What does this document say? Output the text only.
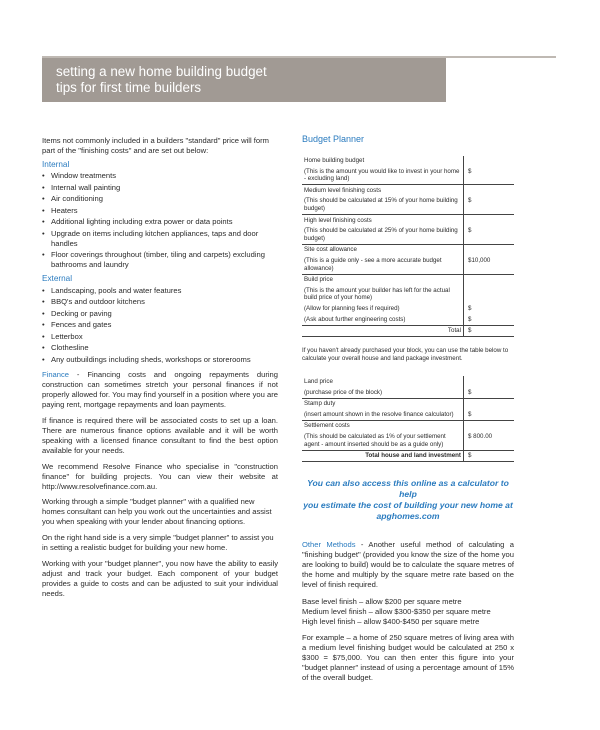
setting a new home building budget
tips for first time builders

Items not commonly included in a builders "standard" price will form part of the "finishing costs" and are set out below:

Internal
• Window treatments
• Internal wall painting
• Air conditioning
• Heaters
• Additional lighting including extra power or data points
• Upgrade on items including kitchen appliances, taps and door handles
• Floor coverings throughout (timber, tiling and carpets) excluding bathrooms and laundry
External
• Landscaping, pools and water features
• BBQ's and outdoor kitchens
• Decking or paving
• Fences and gates
• Letterbox
• Clothesline
• Any outbuildings including sheds, workshops or storerooms

Finance - Financing costs and ongoing repayments during construction can sometimes stretch your personal finances if not properly allowed for. You may find yourself in a position where you are paying rent, mortgage repayments and loan payments.

If finance is required there will be associated costs to set up a loan. There are numerous finance options available and it will be worth speaking with a licensed finance consultant to find the best option available for your needs.

We recommend Resolve Finance who specialise in "construction finance" for building projects. You can view their website at http://www.resolvefinance.com.au.

Working through a simple "budget planner" with a qualified new homes consultant can help you work out the uncertainties and assist you when speaking with your lender about financing options.

On the right hand side is a very simple "budget planner" to assist you in setting a realistic budget for building your new home.

Working with your "budget planner", you now have the ability to easily adjust and track your budget. Each component of your budget provides a guide to costs and can be adjusted to suit your individual needs.

Budget Planner
Home building budget	
(This is the amount you would like to invest in your home - excluding land)	$
Medium level finishing costs	
(This should be calculated at 15% of your home building budget)	$
High level finishing costs	
(This should be calculated at 25% of your home building budget)	$
Site cost allowance	
(This is a guide only - see a more accurate budget allowance)	$10,000
Build price	
(This is the amount your builder has left for the actual build price of your home)	
(Allow for planning fees if required)	$
(Ask about further engineering costs)	$
Total	$
If you haven't already purchased your block, you can use the table below to calculate your overall house and land package investment.
Land price	
(purchase price of the block)	$
Stamp duty	
(insert amount shown in the resolve finance calculator)	$
Settlement costs	
(This should be calculated as 1% of your settlement agent - amount inserted should be as a guide only)	$ 800.00
Total house and land investment	$
You can also access this online as a calculator to help
you estimate the cost of building your new home at
apghomes.com

Other Methods - Another useful method of calculating a "finishing budget" (provided you know the size of the home you are looking to build) would be to calculate the square metres of the home and multiply by the square metre rate based on the level of finish required.

Base level finish – allow $200 per square metre

Medium level finish – allow $300-$350 per square metre

High level finish – allow $400-$450 per square metre

For example – a home of 250 square metres of living area with a medium level finishing budget would be calculated at 250 x $300 = $75,000. You can then enter this figure into your "budget planner" instead of using a percentage amount of 15% of the overall budget.
